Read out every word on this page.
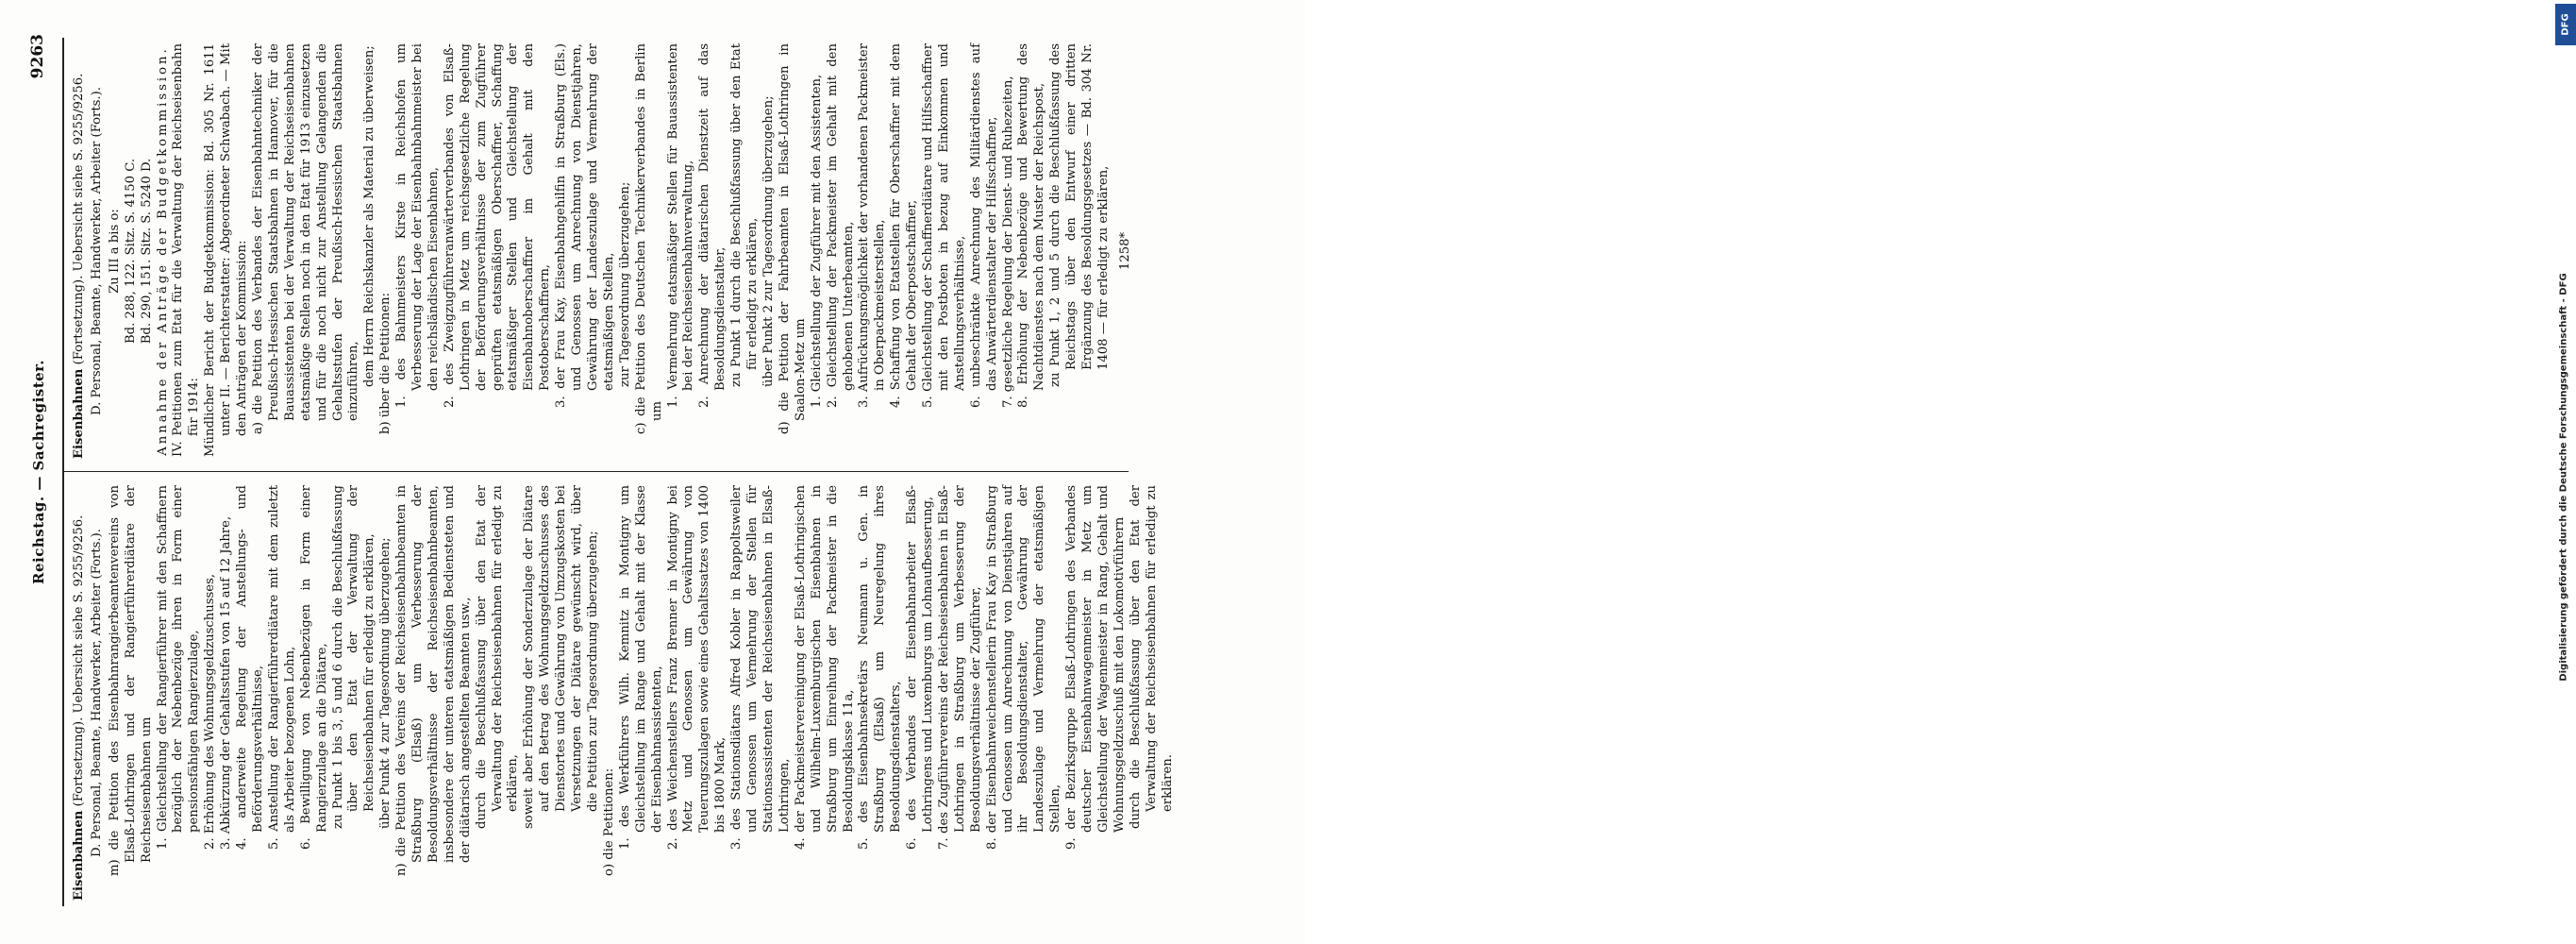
DFG
Digitalisierung gefördert durch die Deutsche Forschungsgemeinschaft - DFG
Reichstag. — Sachregister.
9263
Eisenbahnen (Fortsetzung). Uebersicht siehe S. 9255/9256. D. Personal, Beamte, Handwerker, Arbeiter (Forts.). m) die Petition des Eisenbahnrangierbeamtenvereins von Elsaß-Lothringen und der Rangierführerdiätare der Reichseisenbahnen um 1. Gleichstellung der Rangierführer mit den Schaffnern bezüglich der Nebenbezüge ihren in Form einer pensionsfähigen Rangierzulage, 2. Erhöhung des Wohnungsgeldzuschusses, 3. Abkürzung der Gehaltsstufen von 15 auf 12 Jahre, 4. anderweite Regelung der Anstellungs- und Beförderungsverhältnisse, 5. Anstellung der Rangierführerdiätare mit dem zuletzt als Arbeiter bezogenen Lohn, 6. Bewilligung von Nebenbezügen in Form einer Rangierzulage an die Diätare, zu Punkt 1 bis 3, 5 und 6 durch die Beschlußfassung über den Etat der Verwaltung der Reichseisenbahnen für erledigt zu erklären, über Punkt 4 zur Tagesordnung überzugehen; n) die Petition des Vereins der Reichseisenbahnbeamten in Straßburg (Elsaß) um Verbesserung der Besoldungsverhältnisse der Reichseisenbahnbeamten, insbesondere der unteren etatsmäßigen Bediensteten und der diätarisch angestellten Beamten usw., durch die Beschlußfassung über den Etat der Verwaltung der Reichseisenbahnen für erledigt zu erklären, soweit aber Erhöhung der Sonderzulage der Diätare auf den Betrag des Wohnungsgeldzuschusses des Dienstortes und Gewährung von Umzugskosten bei Versetzungen der Diätare gewünscht wird, über die Petition zur Tagesordnung überzugehen;

o) die Petitionen: 1. des Werkführers Wilh. Kemnitz in Montigny um Gleichstellung im Range und Gehalt mit der Klasse der Eisenbahnassistenten, 2. des Weichenstellers Franz Brenner in Montigny bei Metz und Genossen um Gewährung von Teuerungszulagen sowie eines Gehaltssatzes von 1400 bis 1800 Mark, 3. des Stationsdiätars Alfred Kobler in Rappoltsweiler und Genossen um Vermehrung der Stellen für Stationsassistenten der Reichseisenbahnen in Elsaß-Lothringen, 4. der Packmeistervereinigung der Elsaß-Lothringischen und Wilhelm-Luxemburgischen Eisenbahnen in Straßburg um Einreihung der Packmeister in die Besoldungsklasse 11a, 5. des Eisenbahnsekretärs Neumann u. Gen. in Straßburg (Elsaß) um Neuregelung ihres Besoldungsdienstalters, 6. des Verbandes der Eisenbahnarbeiter Elsaß-Lothringens und Luxemburgs um Lohnaufbesserung, 7. des Zugführervereins der Reichseisenbahnen in Elsaß-Lothringen in Straßburg um Verbesserung der Besoldungsverhältnisse der Zugführer, 8. der Eisenbahnweichenstellerin Frau Kay in Straßburg und Genossen um Anrechnung von Dienstjahren auf ihr Besoldungsdienstalter, Gewährung der Landeszulage und Vermehrung der etatsmäßigen Stellen, 9. der Bezirksgruppe Elsaß-Lothringen des Verbandes deutscher Eisenbahnwagenmeister in Metz um Gleichstellung der Wagenmeister in Rang, Gehalt und Wohnungsgeldzuschuß mit den Lokomotivführern durch die Beschlußfassung über den Etat der Verwaltung der Reichseisenbahnen für erledigt zu erklären.

Eisenbahnen (Fortsetzung). Uebersicht siehe S. 9255/9256. D. Personal, Beamte, Handwerker, Arbeiter (Forts.). Zu III a bis o: Bd. 288, 122. Sitz. S. 4150 C. Bd. 290, 151. Sitz. S. 5240 D. Annahme der Anträge der Budgetkommission. IV. Petitionen zum Etat für die Verwaltung der Reichseisenbahn für 1914: Mündlicher Bericht der Budgetkommission: Bd. 305 Nr. 1611 unter II. — Berichterstatter: Abgeordneter Schwabach. — Mit den Anträgen der Kommission: a) die Petition des Verbandes der Eisenbahntechniker der Preußisch-Hessischen Staatsbahnen in Hannover, für die Bauassistenten bei der Verwaltung der Reichseisenbahnen etatsmäßige Stellen noch in den Etat für 1913 einzusetzen und für die noch nicht zur Anstellung Gelangenden die Gehaltsstufen der Preußisch-Hessischen Staatsbahnen einzuführen, dem Herrn Reichskanzler als Material zu überweisen; b) über die Petitionen: 1. des Bahnmeisters Kirste in Reichshofen um Verbesserung der Lage der Eisenbahnbahnmeister bei den reichsländischen Eisenbahnen, 2. des Zweigzugführeranwärterverbandes von Elsaß-Lothringen in Metz um reichsgesetzliche Regelung der Beförderungsverhältnisse der zum Zugführer geprüften etatsmäßigen Oberschaffner, Schaffung etatsmäßiger Stellen und Gleichstellung der Eisenbahnoberschaffner im Gehalt mit den Postoberschaffnern, 3. der Frau Kay, Eisenbahngehilfin in Straßburg (Els.) und Genossen um Anrechnung von Dienstjahren, Gewährung der Landeszulage und Vermehrung der etatsmäßigen Stellen, zur Tagesordnung überzugehen; c) die Petition des Deutschen Technikerverbandes in Berlin um

1. Vermehrung etatsmäßiger Stellen für Bauassistenten bei der Reichseisenbahnverwaltung, 2. Anrechnung der diätarischen Dienstzeit auf das Besoldungsdienstalter, zu Punkt 1 durch die Beschlußfassung über den Etat für erledigt zu erklären, über Punkt 2 zur Tagesordnung überzugehen; d) die Petition der Fahrbeamten in Elsaß-Lothringen in Saalon-Metz um 1. Gleichstellung der Zugführer mit den Assistenten, 2. Gleichstellung der Packmeister im Gehalt mit den gehobenen Unterbeamten, 3. Aufrückungsmöglichkeit der vorhandenen Packmeister in Oberpackmeisterstellen, 4. Schaffung von Etatstellen für Oberschaffner mit dem Gehalt der Oberpostschaffner, 5. Gleichstellung der Schaffnerdiätare und Hilfsschaffner mit den Postboten in bezug auf Einkommen und Anstellungsverhältnisse, 6. unbeschränkte Anrechnung des Militärdienstes auf das Anwärterdienstalter der Hilfsschaffner, 7. gesetzliche Regelung der Dienst- und Ruhezeiten, 8. Erhöhung der Nebenbezüge und Bewertung des Nachtdienstes nach dem Muster der Reichspost, zu Punkt 1, 2 und 5 durch die Beschlußfassung des Reichstags über den Entwurf einer dritten Ergänzung des Besoldungsgesetzes — Bd. 304 Nr. 1408 — für erledigt zu erklären, 1258*
